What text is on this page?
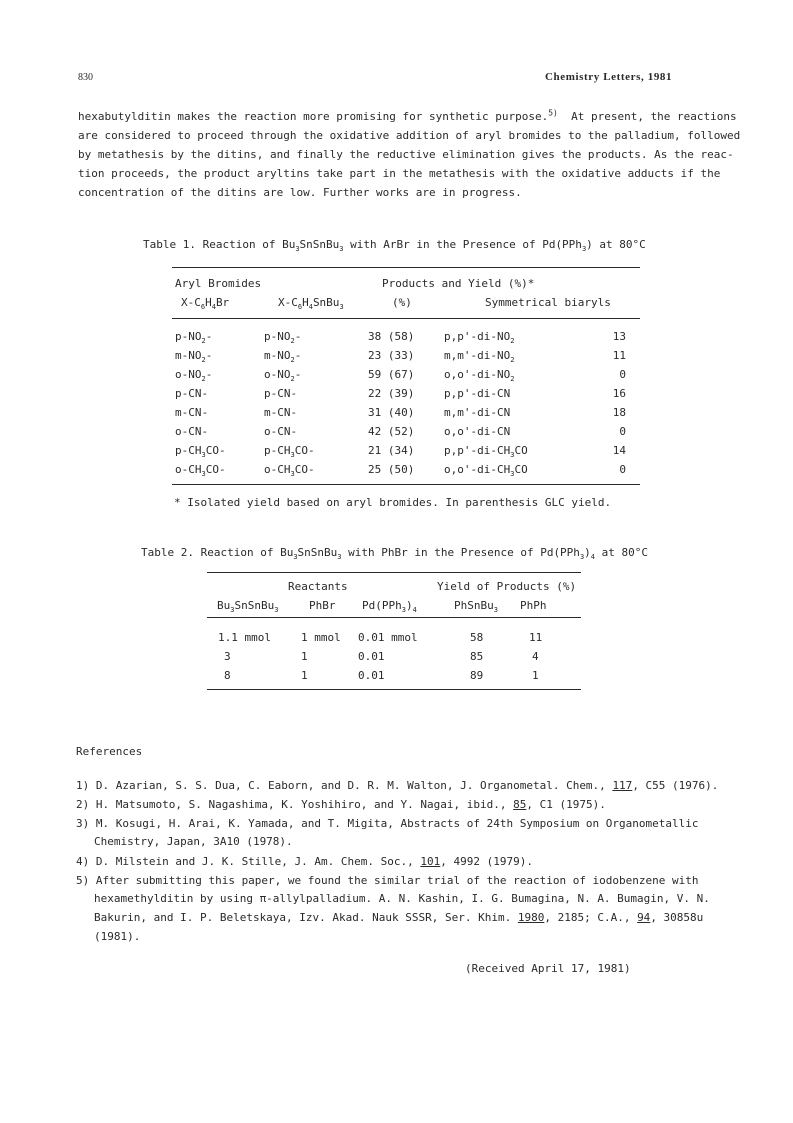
830	Chemistry Letters, 1981
hexabutylditin makes the reaction more promising for synthetic purpose.$^{5)}$ At present, the reactions
are considered to proceed through the oxidative addition of aryl bromides to the palladium, followed
by metathesis by the ditins, and finally the reductive elimination gives the products. As the reac-
tion proceeds, the product aryltins take part in the metathesis with the oxidative adducts if the
concentration of the ditins are low. Further works are in progress.
Table 1. Reaction of $Bu_3SnSnBu_3$ with ArBr in the Presence of Pd(PPh$_3$) at 80°C
Aryl Bromides	Products and Yield (%)*
$X-C_6H_4Br$	$X-C_6H_4SnBu_3$	(%)	Symmetrical biaryls
$p-NO_2-$	$p-NO_2-$	38 (58)	$p,p'-di-NO_2$	13
$m-NO_2-$	$m-NO_2-$	23 (33)	$m,m'-di-NO_2$	11
$o-NO_2-$	$o-NO_2-$	59 (67)	$o,o'-di-NO_2$	0
p-CN-	p-CN-	22 (39)	p,p'-di-CN	16
m-CN-	m-CN-	31 (40)	m,m'-di-CN	18
o-CN-	o-CN-	42 (52)	o,o'-di-CN	0
$p-CH_3CO-$	$p-CH_3CO-$	21 (34)	$p,p'-di-CH_3CO$	14
$o-CH_3CO-$	$o-CH_3CO-$	25 (50)	$o,o'-di-CH_3CO$	0
* Isolated yield based on aryl bromides. In parenthesis GLC yield.
Table 2. Reaction of $Bu_3SnSnBu_3$ with PhBr in the Presence of $Pd(PPh_3)_4$ at 80°C
Reactants	Yield of Products (%)
$Bu_3SnSnBu_3$	PhBr $Pd(PPh_3)_4$	PhSnBu$_3$ PhPh
1.1 mmol	1 mmol 0.01 mmol	58	11
3	1	0.01	85	4
8	1	0.01	89	1
References
1) D. Azarian, S. S. Dua, C. Eaborn, and D. R. M. Walton, J. Organometal. Chem., 117, C55 (1976).
2) H. Matsumoto, S. Nagashima, K. Yoshihiro, and Y. Nagai, ibid., 85, C1 (1975).
3) M. Kosugi, H. Arai, K. Yamada, and T. Migita, Abstracts of 24th Symposium on Organometallic
Chemistry, Japan, 3A10 (1978).
4) D. Milstein and J. K. Stille, J. Am. Chem. Soc., 101, 4992 (1979).
5) After submitting this paper, we found the similar trial of the reaction of iodobenzene with
hexamethylditin by using π-allylpalladium. A. N. Kashin, I. G. Bumagina, N. A. Bumagin, V. N.
Bakurin, and I. P. Beletskaya, Izv. Akad. Nauk SSSR, Ser. Khim. 1980, 2185; C.A., 94, 30858u
(1981).
(Received April 17, 1981)
